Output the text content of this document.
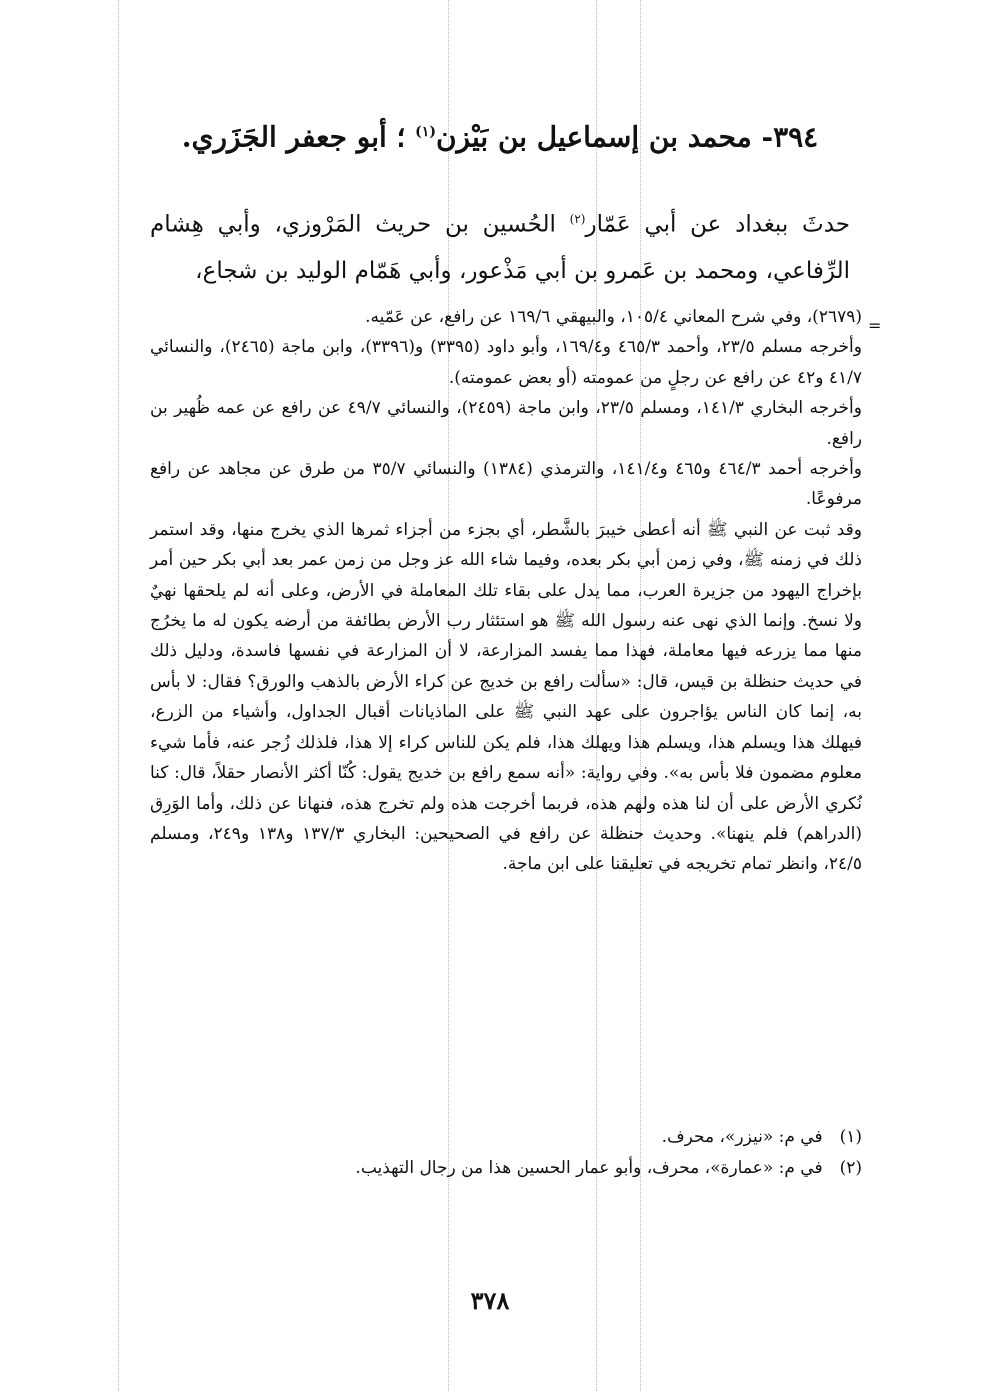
٣٩٤- محمد بن إسماعيل بن بَيْزن$^{(١)}$ ؛ أبو جعفر الجَزَري.
حدثَ ببغداد عن أبي عَمّار$^{(٢)}$ الحُسين بن حريث المَرْوزي، وأبي هِشام الرِّفاعي، ومحمد بن عَمرو بن أبي مَذْعور، وأبي هَمّام الوليد بن شجاع،
=

(٢٦٧٩)، وفي شرح المعاني ١٠٥/٤، والبيهقي ١٦٩/٦ عن رافع، عن عَمّيه.

وأخرجه مسلم ٢٣/٥، وأحمد ٤٦٥/٣ و١٦٩/٤، وأبو داود (٣٣٩٥) و(٣٣٩٦)، وابن ماجة (٢٤٦٥)، والنسائي ٤١/٧ و٤٢ عن رافع عن رجلٍ من عمومته (أو بعض عمومته).

وأخرجه البخاري ١٤١/٣، ومسلم ٢٣/٥، وابن ماجة (٢٤٥٩)، والنسائي ٤٩/٧ عن رافع عن عمه ظُهير بن رافع.

وأخرجه أحمد ٤٦٤/٣ و٤٦٥ و١٤١/٤، والترمذي (١٣٨٤) والنسائي ٣٥/٧ من طرق عن مجاهد عن رافع مرفوعًا.

وقد ثبت عن النبي ﷺ أنه أعطى خيبرَ بالشَّطر، أي بجزء من أجزاء ثمرها الذي يخرج منها، وقد استمر ذلك في زمنه ﷺ، وفي زمن أبي بكر بعده، وفيما شاء الله عز وجل من زمن عمر بعد أبي بكر حين أمر بإخراج اليهود من جزيرة العرب، مما يدل على بقاء تلك المعاملة في الأرض، وعلى أنه لم يلحقها نهيٌ ولا نسخ. وإنما الذي نهى عنه رسول الله ﷺ هو استئثار رب الأرض بطائفة من أرضه يكون له ما يخرُج منها مما يزرعه فيها معاملة، فهذا مما يفسد المزارعة، لا أن المزارعة في نفسها فاسدة، ودليل ذلك في حديث حنظلة بن قيس، قال: «سألت رافع بن خديج عن كراء الأرض بالذهب والورق؟ فقال: لا بأس به، إنما كان الناس يؤاجرون على عهد النبي ﷺ على الماذيانات أقبال الجداول، وأشياء من الزرع، فيهلك هذا ويسلم هذا، ويسلم هذا ويهلك هذا، فلم يكن للناس كراء إلا هذا، فلذلك زُجر عنه، فأما شيء معلوم مضمون فلا بأس به». وفي رواية: «أنه سمع رافع بن خديج يقول: كُنّا أكثر الأنصار حقلاً، قال: كنا نُكري الأرض على أن لنا هذه ولهم هذه، فربما أخرجت هذه ولم تخرج هذه، فنهانا عن ذلك، وأما الوَرِق (الدراهم) فلم ينهنا». وحديث حنظلة عن رافع في الصحيحين: البخاري ١٣٧/٣ و١٣٨ و٢٤٩، ومسلم ٢٤/٥، وانظر تمام تخريجه في تعليقنا على ابن ماجة.

(١) في م: «نيزر»، محرف.

(٢) في م: «عمارة»، محرف، وأبو عمار الحسين هذا من رجال التهذيب.

٣٧٨
